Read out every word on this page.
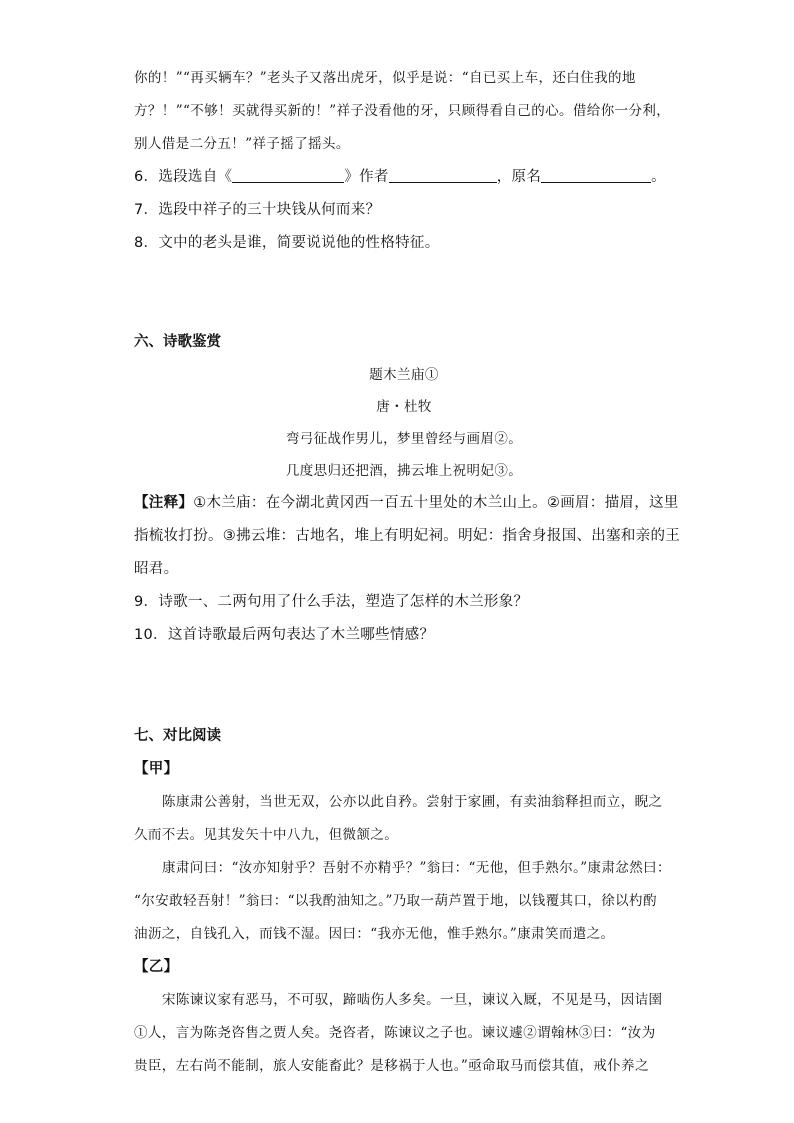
你的！”“再买辆车？”老头子又落出虎牙，似乎是说：“自已买上车，还白住我的地

方？！”“不够！买就得买新的！”祥子没看他的牙，只顾得看自己的心。借给你一分利，

别人借是二分五！”祥子摇了摇头。

6．选段选自《	》作者	，原名	。

7．选段中祥子的三十块钱从何而来？

8．文中的老头是谁，简要说说他的性格特征。

六、诗歌鉴赏

题木兰庙①

唐・杜牧

弯弓征战作男儿，梦里曾经与画眉②。

几度思归还把酒，拂云堆上祝明妃③。

【注释】①木兰庙：在今湖北黄冈西一百五十里处的木兰山上。②画眉：描眉，这里

指梳妆打扮。③拂云堆：古地名，堆上有明妃祠。明妃：指舍身报国、出塞和亲的王

昭君。

9．诗歌一、二两句用了什么手法，塑造了怎样的木兰形象？

10．这首诗歌最后两句表达了木兰哪些情感？

七、对比阅读

【甲】

陈康肃公善射，当世无双，公亦以此自矜。尝射于家圃，有卖油翁释担而立，睨之

久而不去。见其发矢十中八九，但微颔之。

康肃问曰：“汝亦知射乎？吾射不亦精乎？”翁曰：“无他，但手熟尔。”康肃忿然曰：

“尔安敢轻吾射！”翁曰：“以我酌油知之。”乃取一葫芦置于地，以钱覆其口，徐以杓酌

油沥之，自钱孔入，而钱不湿。因曰：“我亦无他，惟手熟尔。”康肃笑而遣之。

【乙】

宋陈谏议家有恶马，不可驭，蹄啮伤人多矣。一旦，谏议入厩，不见是马，因诘圉

①人，言为陈尧咨售之贾人矣。尧咨者，陈谏议之子也。谏议遽②谓翰林③曰：“汝为

贵臣，左右尚不能制，旅人安能畜此？是移祸于人也。”亟命取马而偿其值，戒仆养之
